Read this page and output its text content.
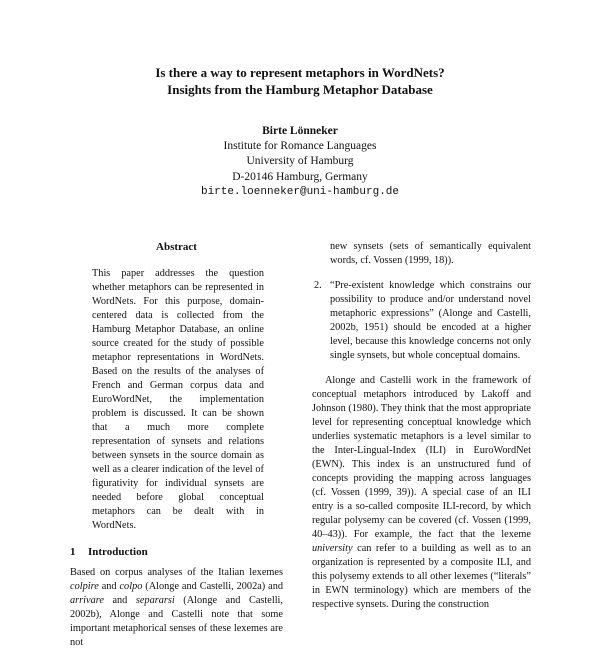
Is there a way to represent metaphors in WordNets?
Insights from the Hamburg Metaphor Database
Birte Lönneker
Institute for Romance Languages
University of Hamburg
D-20146 Hamburg, Germany
birte.loenneker@uni-hamburg.de
Abstract

This paper addresses the question whether metaphors can be represented in WordNets. For this purpose, domain-centered data is collected from the Hamburg Metaphor Database, an online source created for the study of possible metaphor representations in WordNets. Based on the results of the analyses of French and German corpus data and EuroWordNet, the implementation problem is discussed. It can be shown that a much more complete representation of synsets and relations between synsets in the source domain as well as a clearer indication of the level of figurativity for individual synsets are needed before global conceptual metaphors can be dealt with in WordNets.

1 Introduction

Based on corpus analyses of the Italian lexemes colpire and colpo (Alonge and Castelli, 2002a) and arrivare and separarsi (Alonge and Castelli, 2002b), Alonge and Castelli note that some important metaphorical senses of these lexemes are not

new synsets (sets of semantically equivalent words, cf. Vossen (1999, 18)).

2. “Pre-existent knowledge which constrains our possibility to produce and/or understand novel metaphoric expressions” (Alonge and Castelli, 2002b, 1951) should be encoded at a higher level, because this knowledge concerns not only single synsets, but whole conceptual domains.

Alonge and Castelli work in the framework of conceptual metaphors introduced by Lakoff and Johnson (1980). They think that the most appropriate level for representing conceptual knowledge which underlies systematic metaphors is a level similar to the Inter-Lingual-Index (ILI) in EuroWordNet (EWN). This index is an unstructured fund of concepts providing the mapping across languages (cf. Vossen (1999, 39)). A special case of an ILI entry is a so-called composite ILI-record, by which regular polysemy can be covered (cf. Vossen (1999, 40–43)). For example, the fact that the lexeme university can refer to a building as well as to an organization is represented by a composite ILI, and this polysemy extends to all other lexemes (“literals” in EWN terminology) which are members of the respective synsets. During the construction
